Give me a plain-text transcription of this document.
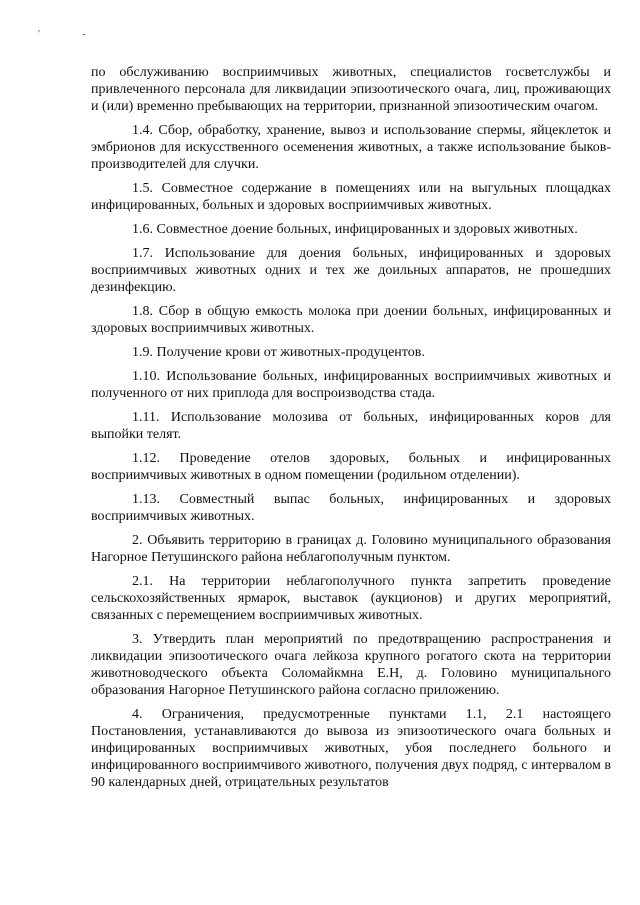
' -

по обслуживанию восприимчивых животных, специалистов госветслужбы и привлеченного персонала для ликвидации эпизоотического очага, лиц, проживающих и (или) временно пребывающих на территории, признанной эпизоотическим очагом.

1.4. Сбор, обработку, хранение, вывоз и использование спермы, яйцеклеток и эмбрионов для искусственного осеменения животных, а также использование быков-производителей для случки.

1.5. Совместное содержание в помещениях или на выгульных площадках инфицированных, больных и здоровых восприимчивых животных.

1.6. Совместное доение больных, инфицированных и здоровых животных.

1.7. Использование для доения больных, инфицированных и здоровых восприимчивых животных одних и тех же доильных аппаратов, не прошедших дезинфекцию.

1.8. Сбор в общую емкость молока при доении больных, инфицированных и здоровых восприимчивых животных.

1.9. Получение крови от животных-продуцентов.

1.10. Использование больных, инфицированных восприимчивых животных и полученного от них приплода для воспроизводства стада.

1.11. Использование молозива от больных, инфицированных коров для выпойки телят.

1.12. Проведение отелов здоровых, больных и инфицированных восприимчивых животных в одном помещении (родильном отделении).

1.13. Совместный выпас больных, инфицированных и здоровых восприимчивых животных.

2. Объявить территорию в границах д. Головино муниципального образования Нагорное Петушинского района неблагополучным пунктом.

2.1. На территории неблагополучного пункта запретить проведение сельскохозяйственных ярмарок, выставок (аукционов) и других мероприятий, связанных с перемещением восприимчивых животных.

3. Утвердить план мероприятий по предотвращению распространения и ликвидации эпизоотического очага лейкоза крупного рогатого скота на территории животноводческого объекта Соломайкмна Е.Н, д. Головино муниципального образования Нагорное Петушинского района согласно приложению.

4. Ограничения, предусмотренные пунктами 1.1, 2.1 настоящего Постановления, устанавливаются до вывоза из эпизоотического очага больных и инфицированных восприимчивых животных, убоя последнего больного и инфицированного восприимчивого животного, получения двух подряд, с интервалом в 90 календарных дней, отрицательных результатов
